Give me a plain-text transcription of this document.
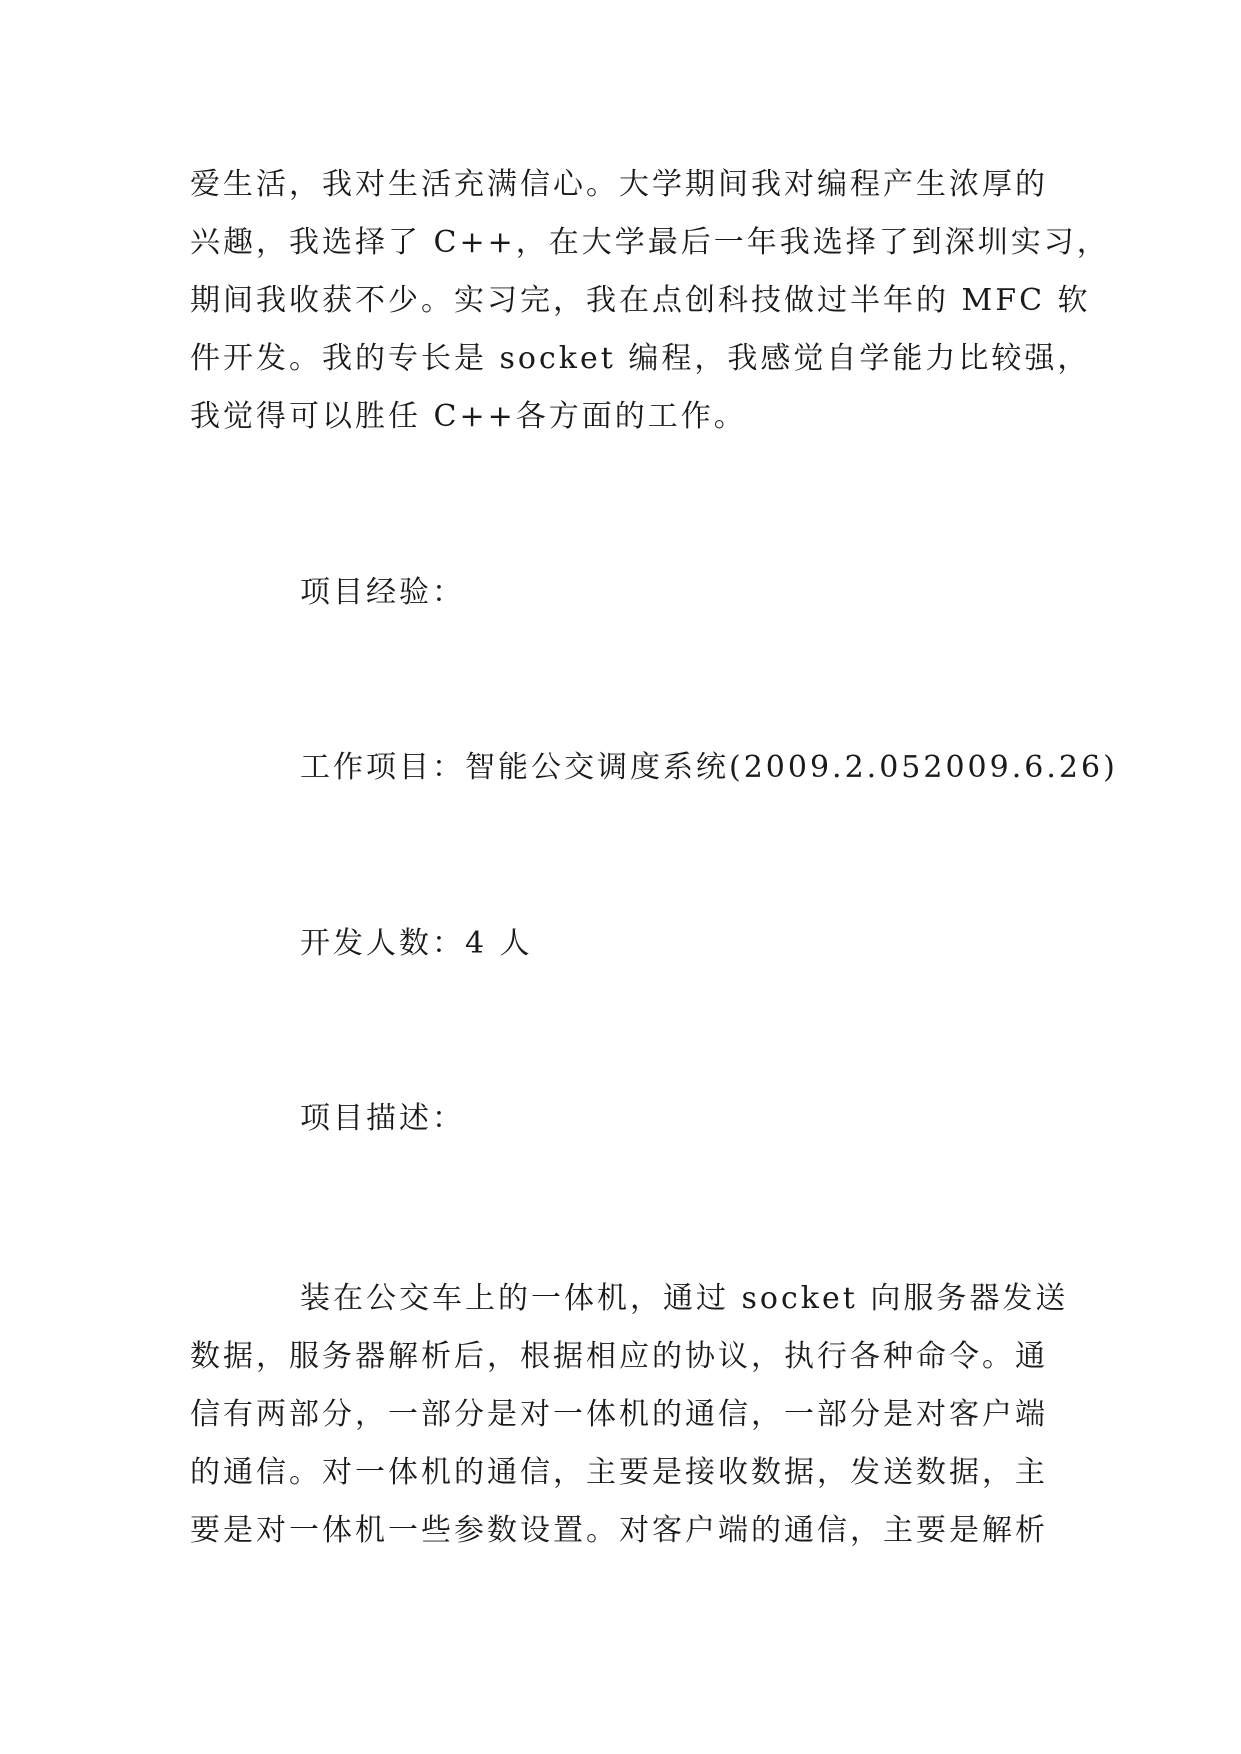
爱生活，我对生活充满信心。大学期间我对编程产生浓厚的
兴趣，我选择了 C++，在大学最后一年我选择了到深圳实习，
期间我收获不少。实习完，我在点创科技做过半年的 MFC 软
件开发。我的专长是 socket 编程，我感觉自学能力比较强，
我觉得可以胜任 C++各方面的工作。

项目经验：

工作项目：智能公交调度系统(2009.2.052009.6.26)

开发人数：4 人

项目描述：

装在公交车上的一体机，通过 socket 向服务器发送
数据，服务器解析后，根据相应的协议，执行各种命令。通
信有两部分，一部分是对一体机的通信，一部分是对客户端
的通信。对一体机的通信，主要是接收数据，发送数据，主
要是对一体机一些参数设置。对客户端的通信，主要是解析
